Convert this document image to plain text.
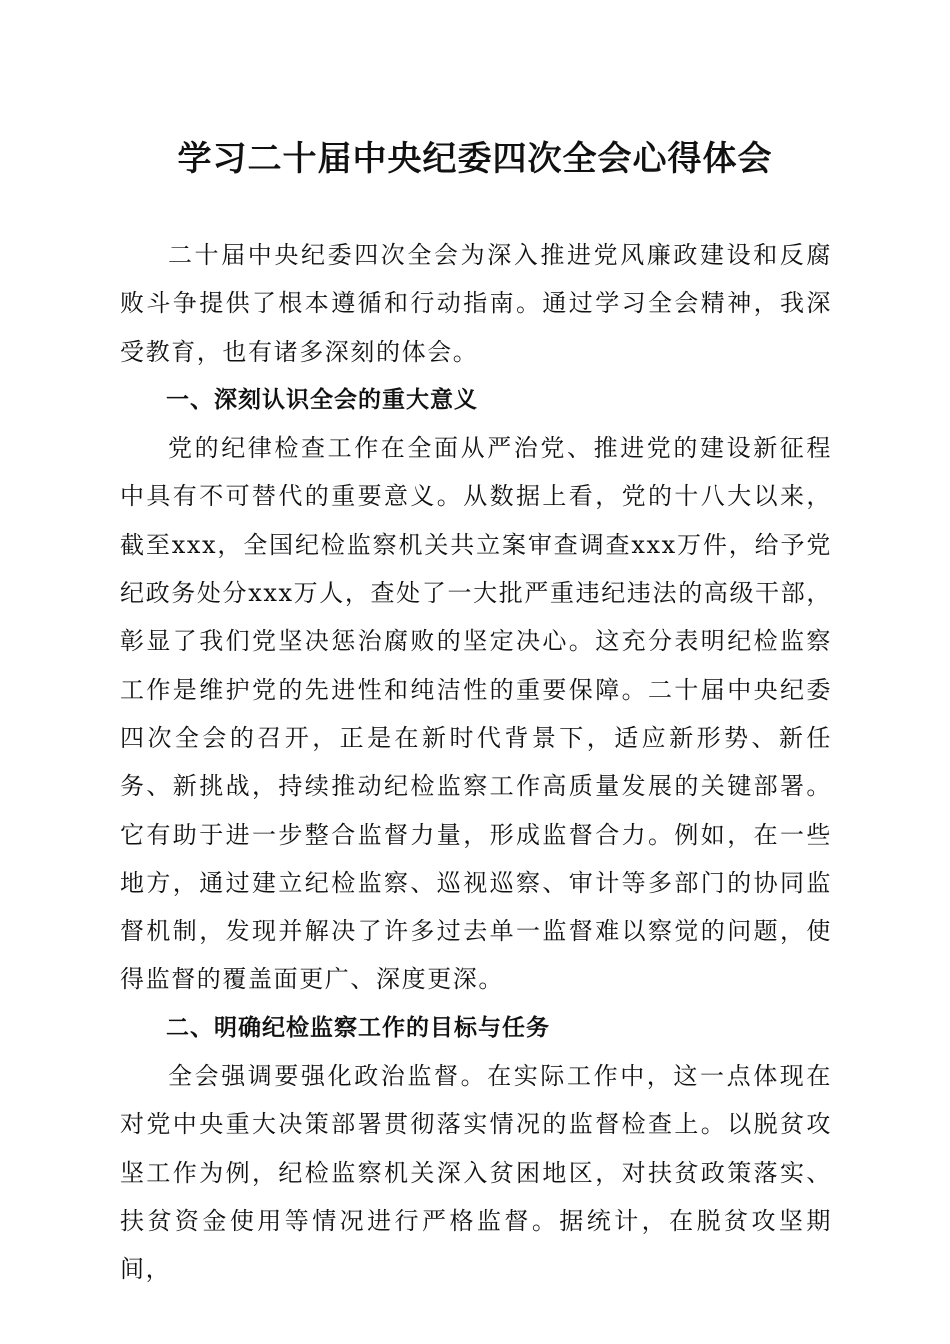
学习二十届中央纪委四次全会心得体会

二十届中央纪委四次全会为深入推进党风廉政建设和反腐败斗争提供了根本遵循和行动指南。通过学习全会精神，我深受教育，也有诸多深刻的体会。

一、深刻认识全会的重大意义

党的纪律检查工作在全面从严治党、推进党的建设新征程中具有不可替代的重要意义。从数据上看，党的十八大以来，截至xxx，全国纪检监察机关共立案审查调查xxx万件，给予党纪政务处分xxx万人，查处了一大批严重违纪违法的高级干部，彰显了我们党坚决惩治腐败的坚定决心。这充分表明纪检监察工作是维护党的先进性和纯洁性的重要保障。二十届中央纪委四次全会的召开，正是在新时代背景下，适应新形势、新任务、新挑战，持续推动纪检监察工作高质量发展的关键部署。它有助于进一步整合监督力量，形成监督合力。例如，在一些地方，通过建立纪检监察、巡视巡察、审计等多部门的协同监督机制，发现并解决了许多过去单一监督难以察觉的问题，使得监督的覆盖面更广、深度更深。

二、明确纪检监察工作的目标与任务

全会强调要强化政治监督。在实际工作中，这一点体现在对党中央重大决策部署贯彻落实情况的监督检查上。以脱贫攻坚工作为例，纪检监察机关深入贫困地区，对扶贫政策落实、扶贫资金使用等情况进行严格监督。据统计，在脱贫攻坚期间，
